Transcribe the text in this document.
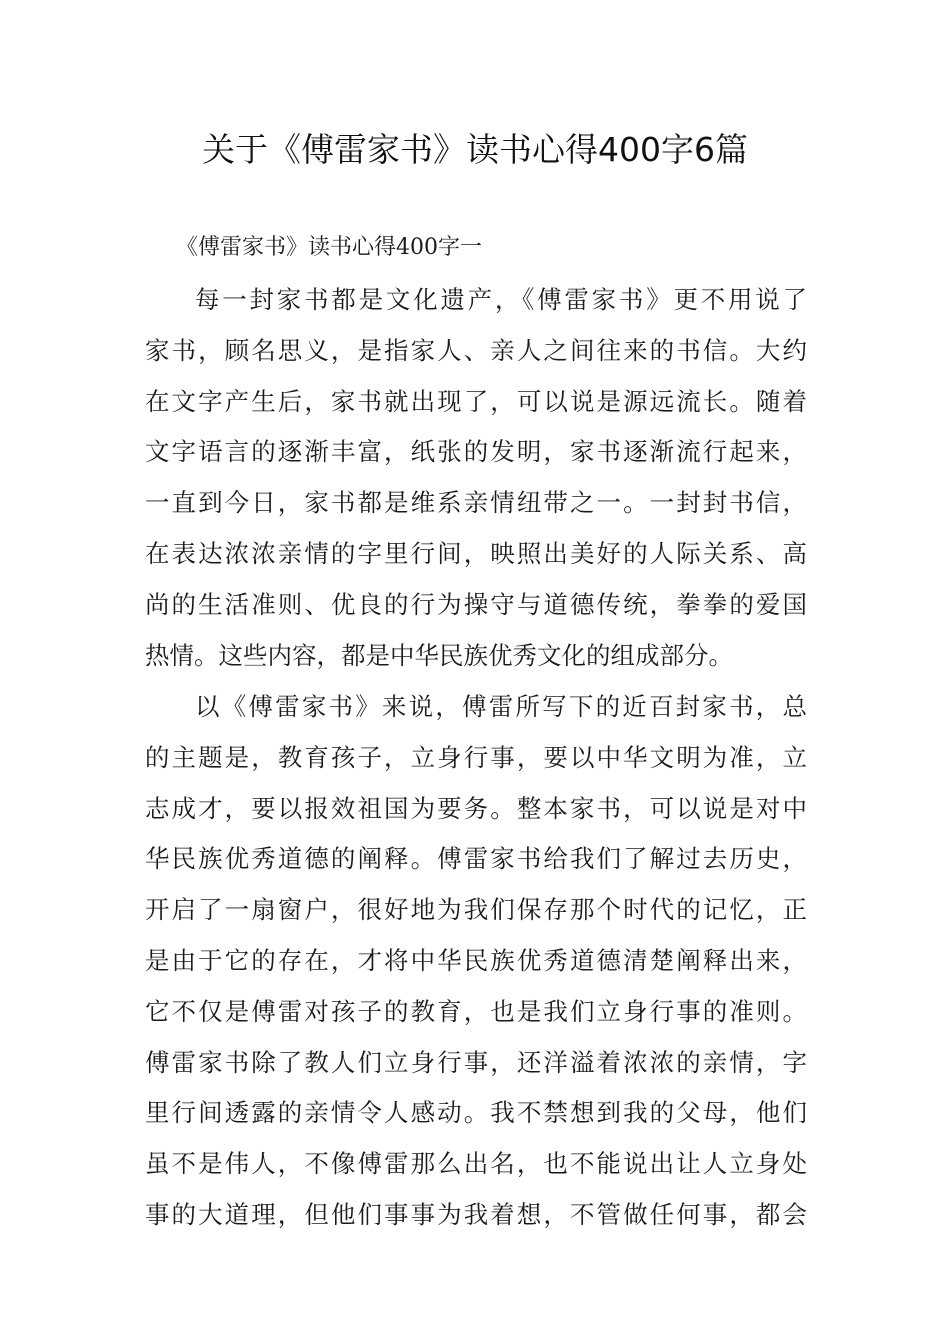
关于《傅雷家书》读书心得400字6篇
《傅雷家书》读书心得400字一
每一封家书都是文化遗产，《傅雷家书》更不用说了
家书，顾名思义，是指家人、亲人之间往来的书信。大约
在文字产生后，家书就出现了，可以说是源远流长。随着
文字语言的逐渐丰富，纸张的发明，家书逐渐流行起来，
一直到今日，家书都是维系亲情纽带之一。一封封书信，
在表达浓浓亲情的字里行间，映照出美好的人际关系、高
尚的生活准则、优良的行为操守与道德传统，拳拳的爱国
热情。这些内容，都是中华民族优秀文化的组成部分。
以《傅雷家书》来说，傅雷所写下的近百封家书，总
的主题是，教育孩子，立身行事，要以中华文明为准，立
志成才，要以报效祖国为要务。整本家书，可以说是对中
华民族优秀道德的阐释。傅雷家书给我们了解过去历史，
开启了一扇窗户，很好地为我们保存那个时代的记忆，正
是由于它的存在，才将中华民族优秀道德清楚阐释出来，
它不仅是傅雷对孩子的教育，也是我们立身行事的准则。
傅雷家书除了教人们立身行事，还洋溢着浓浓的亲情，字
里行间透露的亲情令人感动。我不禁想到我的父母，他们
虽不是伟人，不像傅雷那么出名，也不能说出让人立身处
事的大道理，但他们事事为我着想，不管做任何事，都会
